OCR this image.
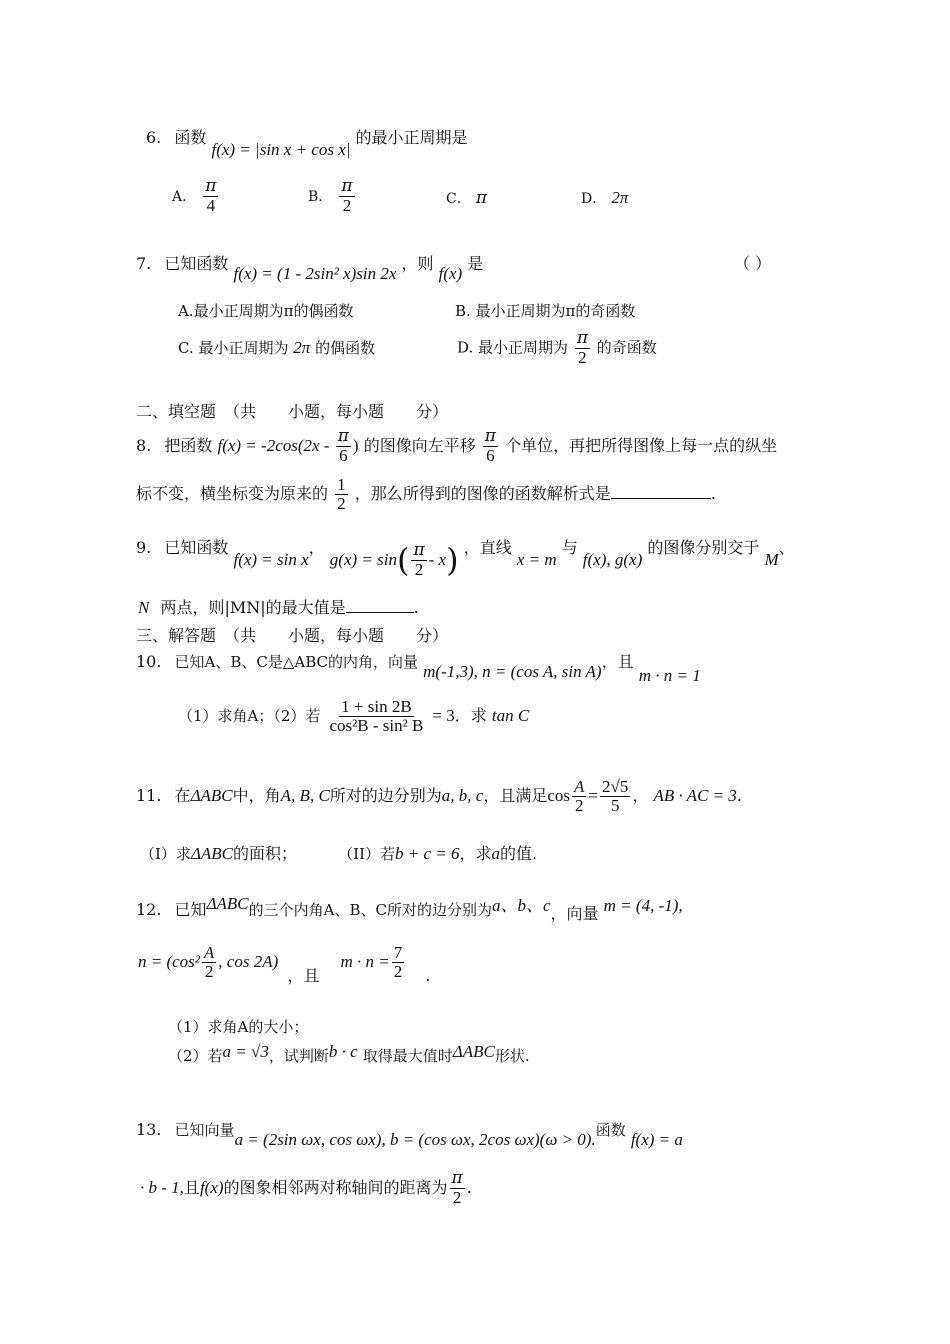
6. 函数 f(x) = |sin x + cos x| 的最小正周期是
A． $\frac{\pi}{4}$	B． $\frac{\pi}{2}$	C． π	D． 2π
7. 已知函数 f(x) = (1 - 2sin² x)sin 2x ，则 f(x) 是	（ ）
A.最小正周期为π的偶函数	B. 最小正周期为π的奇函数
C. 最小正周期为 2π 的偶函数	D. 最小正周期为 $\frac{\pi}{2}$ 的奇函数
二、填空题　（共　　小题，每小题　　分）
8. 把函数 $f(x) = -2\cos(2x - \frac{\pi}{6}$ ) 的图像向左平移 $\frac{\pi}{6}$ 个单位，再把所得图像上每一点的纵坐
标不变，横坐标变为原来的 $\frac{1}{2}$ ，那么所得到的图像的函数解析式是	.
9. 已知函数 f(x) = sin x， $g(x) = \sin( \frac{\pi}{2} - x)$ ，直线 x = m 与 f(x), g(x) 的图像分别交于 M、
N 两点，则|MN|的最大值是	.
三、解答题　（共　　小题，每小题　　分）
10. 已知A、B、C是△ABC的内角，向量 m(-1,3), n = (cos A, sin A)，且 m · n = 1
（1）求角A；（2）若 $\frac{1 + \sin 2B}{\text{cos²B - sin² B}} = 3$．求 tan C
11. 在ΔABC中，角A, B, C所对的边分别为a, b, c，且满足$\cos \frac{A}{2} = \frac{2√5}{5}$ ， AB · AC = 3.
（I）求ΔABC的面积；	（II）若b + c = 6，求a的值.
12. 已知ΔABC的三个内角A、B、C所对的边分别为a、b、c，向量 m = (4, -1),
$n = (\cos^2 \frac{A}{2}$ , cos 2A) ，且 $m \cdot n = \frac{7}{2}$ .
（1）求角A的大小；
（2）若a = √3，试判断b · c 取得最大值时ΔABC形状.
13. 已知向量a = (2sin ωx, cos ωx), b = (cos ωx, 2cos ωx)(ω > 0).函数 f(x) = a
· b - 1,且f(x)的图象相邻两对称轴间的距离为 $\frac{\pi}{2}$ .
